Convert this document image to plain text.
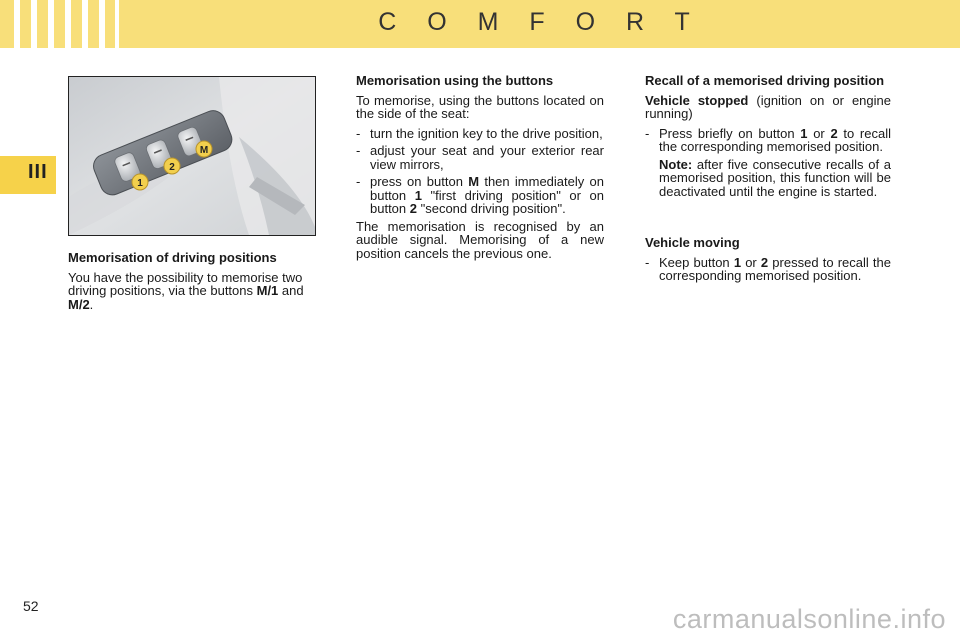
C O M F O R T
III
1
2
M
Memorisation of driving positions

You have the possibility to memorise two driving positions, via the buttons M/1 and M/2.

Memorisation using the buttons

To memorise, using the buttons located on the side of the seat:

- turn the ignition key to the drive position,
- adjust your seat and your exterior rear view mirrors,
- press on button M then immediately on button 1 "first driving position" or on button 2 "second driving position".

The memorisation is recognised by an audible signal. Memorising of a new position cancels the previous one.

Recall of a memorised driving position

Vehicle stopped (ignition on or engine running)

- Press briefly on button 1 or 2 to recall the corresponding memorised position.

Note: after five consecutive recalls of a memorised position, this function will be deactivated until the engine is started.

Vehicle moving
- Keep button 1 or 2 pressed to recall the corresponding memorised position.
52	carmanualsonline.info
